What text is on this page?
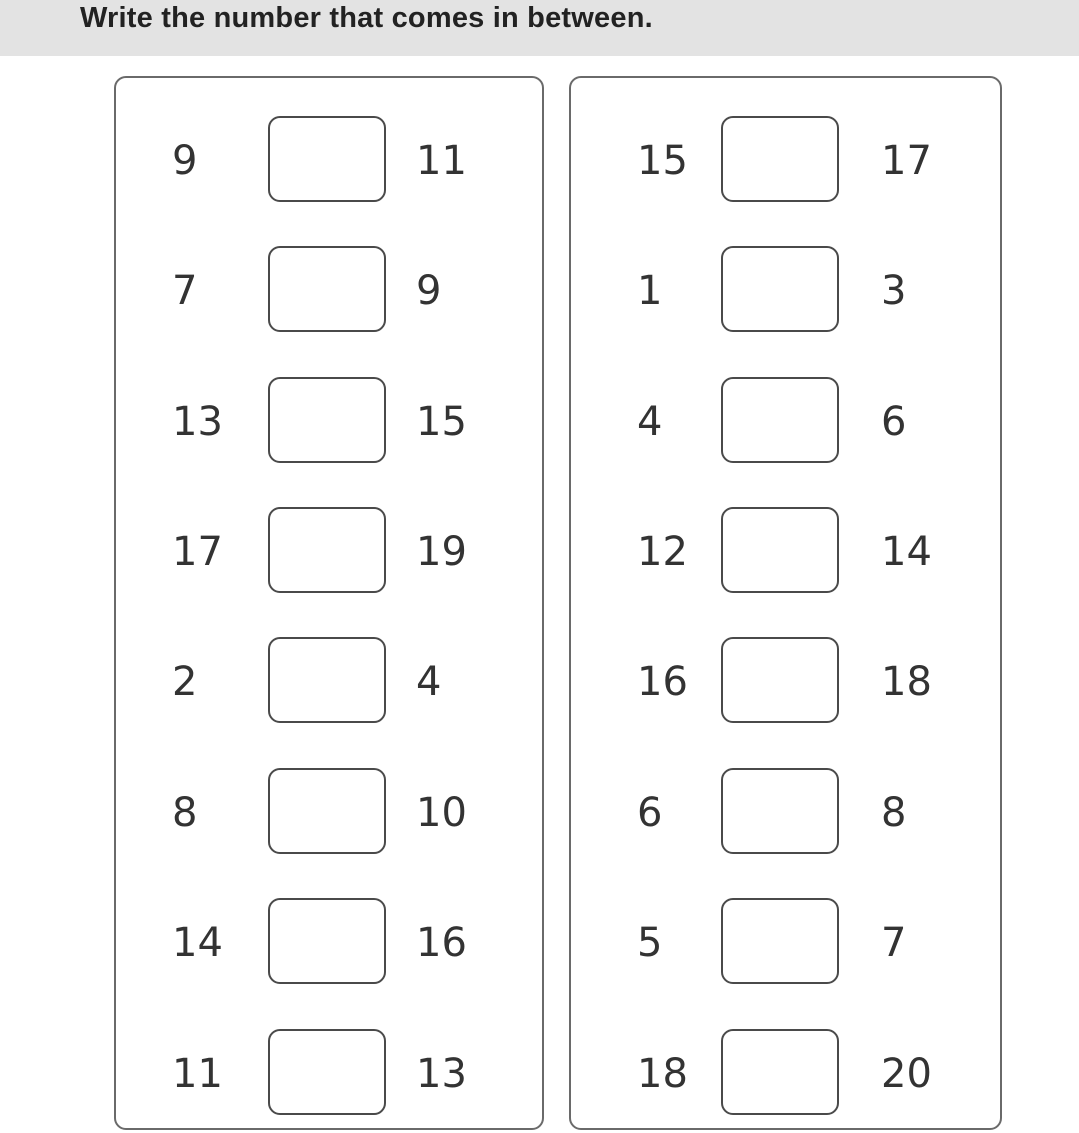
Write the number that comes in between.
9	11
7	9
13	15
17	19
2	4
8	10
14	16
11	13
15	17
1	3
4	6
12	14
16	18
6	8
5	7
18	20
